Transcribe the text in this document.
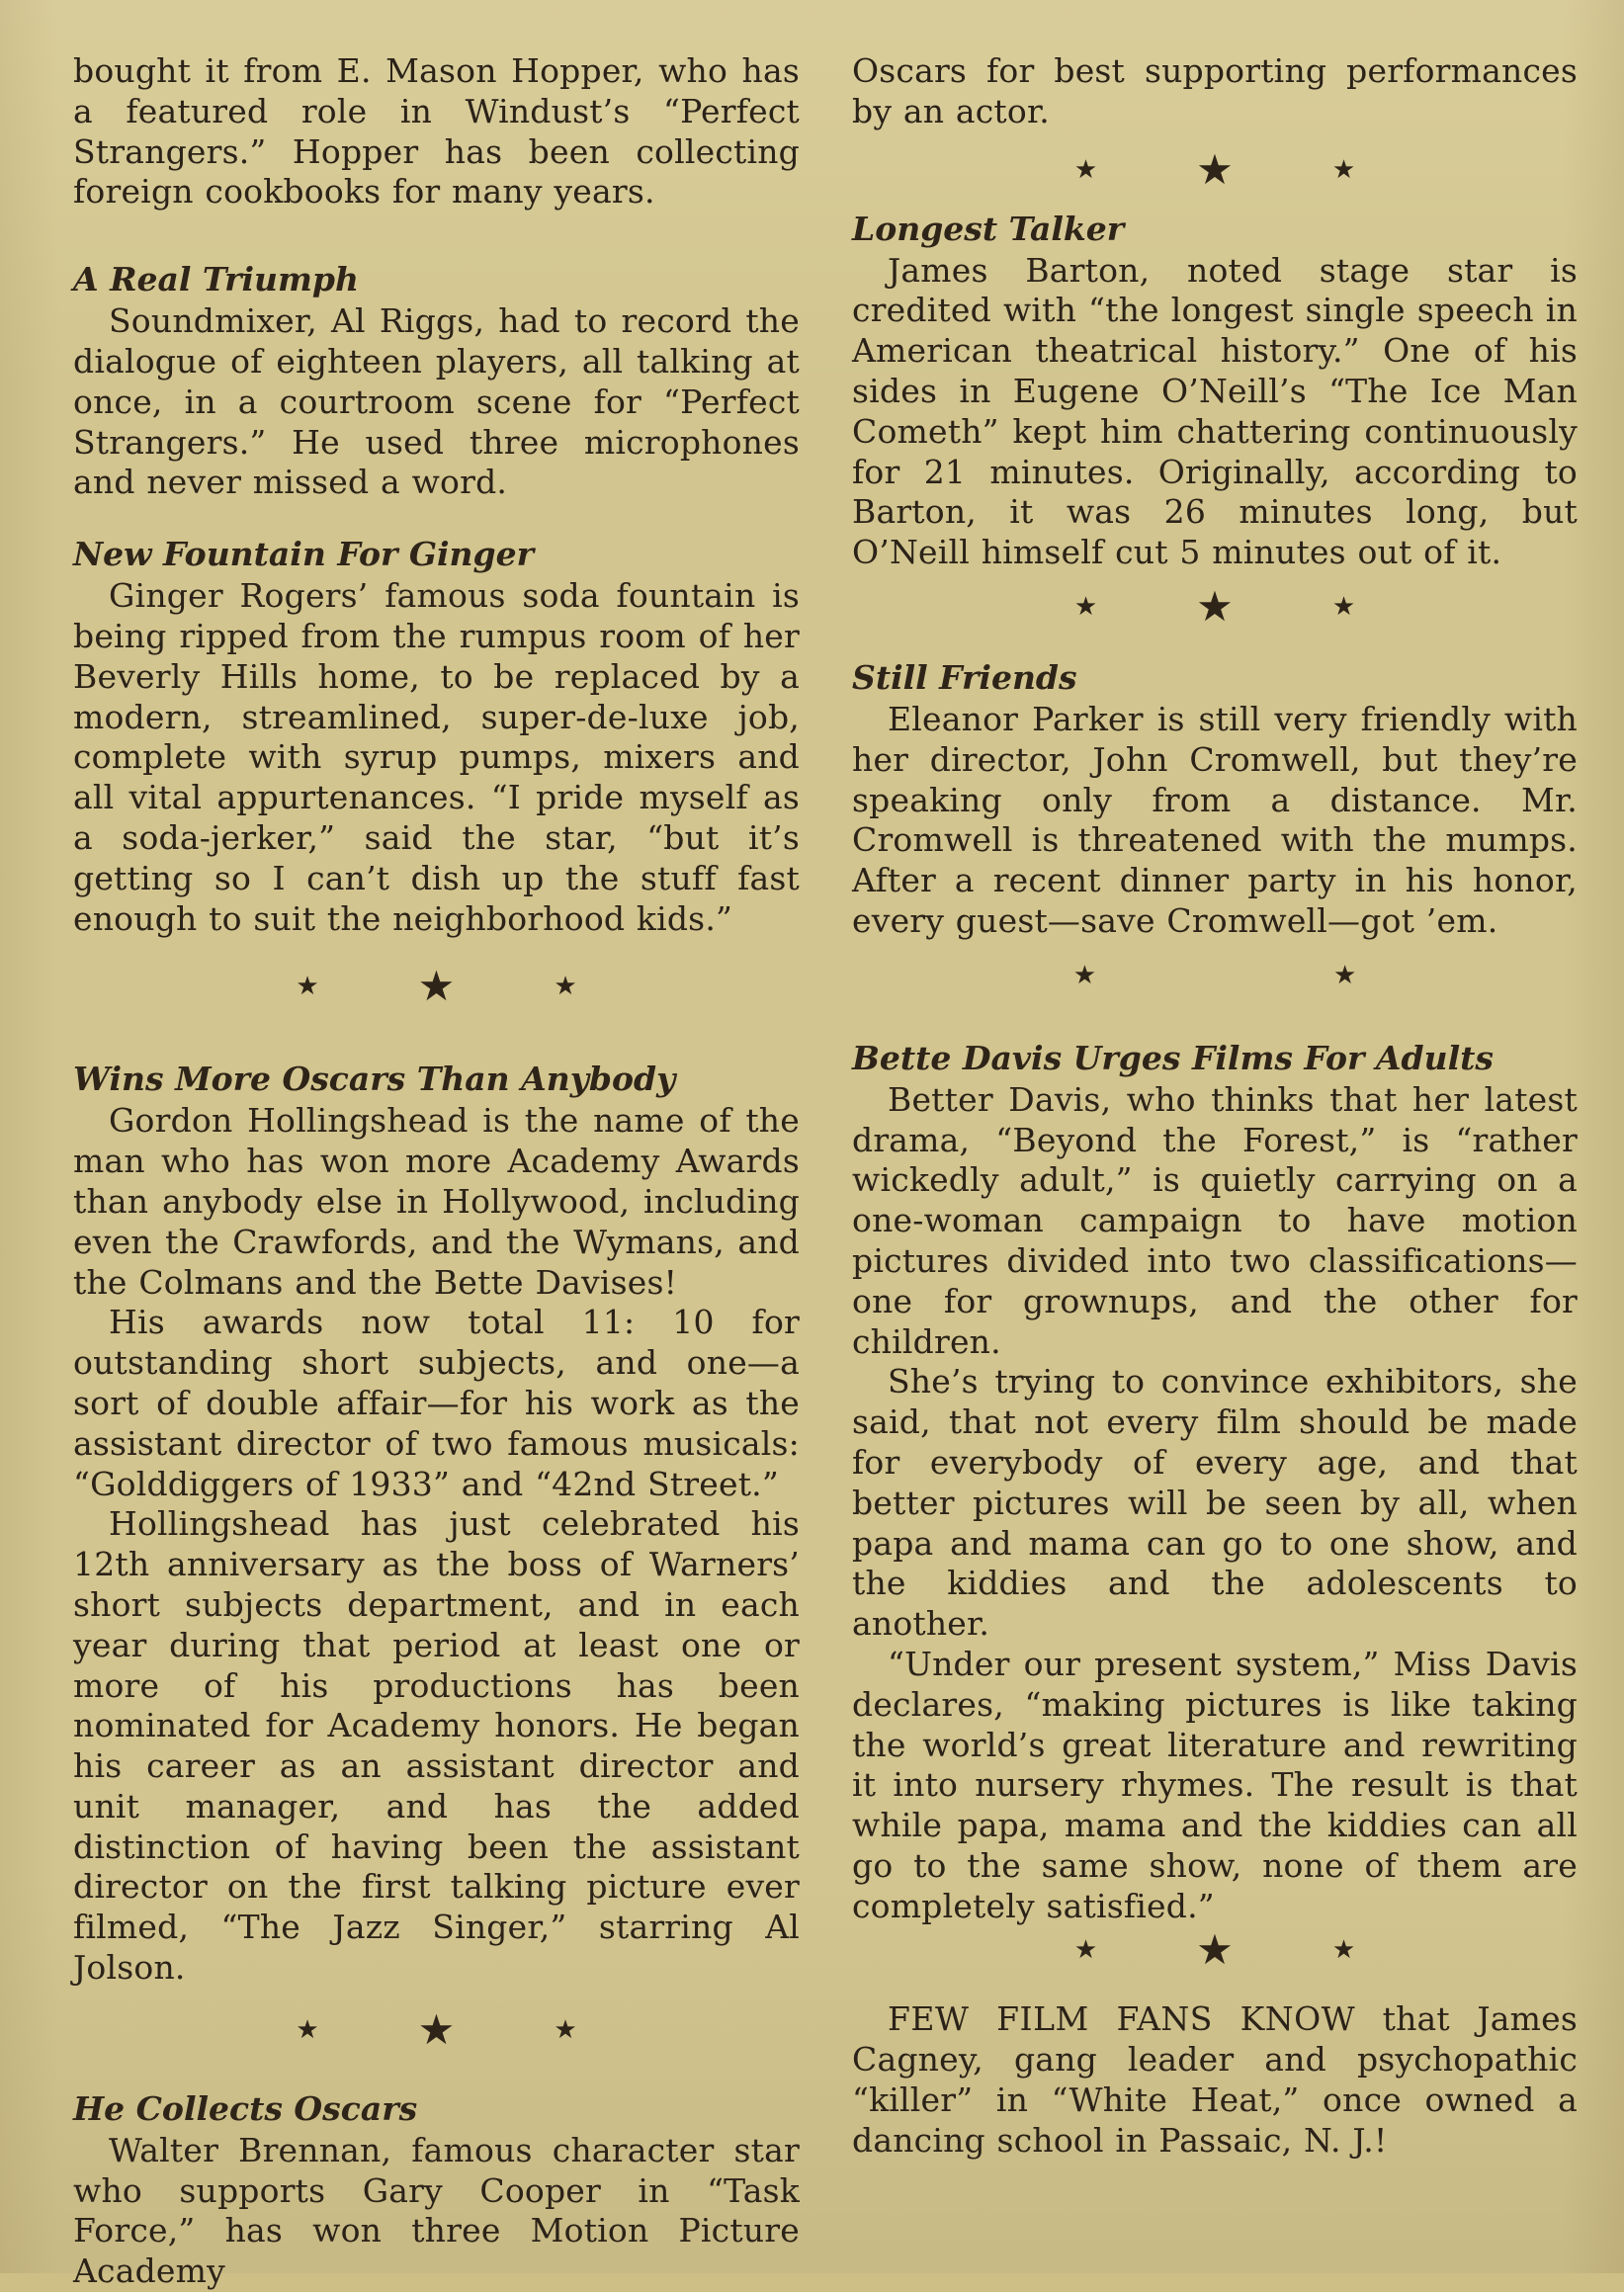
bought it from E. Mason Hopper, who has a featured role in Windust’s “Perfect Strangers.” Hopper has been collecting foreign cookbooks for many years.

A Real Triumph

Soundmixer, Al Riggs, had to record the dialogue of eighteen players, all talking at once, in a courtroom scene for “Perfect Strangers.” He used three microphones and never missed a word.

New Fountain For Ginger

Ginger Rogers’ famous soda fountain is being ripped from the rumpus room of her Beverly Hills home, to be replaced by a modern, streamlined, super-de-luxe job, complete with syrup pumps, mixers and all vital appurtenances. “I pride myself as a soda-jerker,” said the star, “but it’s getting so I can’t dish up the stuff fast enough to suit the neighborhood kids.”

★ ★	★
Wins More Oscars Than Anybody

Gordon Hollingshead is the name of the man who has won more Academy Awards than anybody else in Hollywood, including even the Crawfords, and the Wymans, and the Colmans and the Bette Davises!

His awards now total 11: 10 for outstanding short subjects, and one—a sort of double affair—for his work as the assistant director of two famous musicals: “Golddiggers of 1933” and “42nd Street.”

Hollingshead has just celebrated his 12th anniversary as the boss of Warners’ short subjects department, and in each year during that period at least one or more of his productions has been nominated for Academy honors. He began his career as an assistant director and unit manager, and has the added distinction of having been the assistant director on the first talking picture ever filmed, “The Jazz Singer,” starring Al Jolson.

★ ★	★
He Collects Oscars

Walter Brennan, famous character star who supports Gary Cooper in “Task Force,” has won three Motion Picture Academy

Oscars for best supporting performances by an actor.

★ ★	★
Longest Talker

James Barton, noted stage star is credited with “the longest single speech in American theatrical history.” One of his sides in Eugene O’Neill’s “The Ice Man Cometh” kept him chattering continuously for 21 minutes. Originally, according to Barton, it was 26 minutes long, but O’Neill himself cut 5 minutes out of it.

★ ★	★
Still Friends

Eleanor Parker is still very friendly with her director, John Cromwell, but they’re speaking only from a distance. Mr. Cromwell is threatened with the mumps. After a recent dinner party in his honor, every guest—save Cromwell—got ’em.

★	★
Bette Davis Urges Films For Adults

Better Davis, who thinks that her latest drama, “Beyond the Forest,” is “rather wickedly adult,” is quietly carrying on a one-woman campaign to have motion pictures divided into two classifications—one for grownups, and the other for children.

She’s trying to convince exhibitors, she said, that not every film should be made for everybody of every age, and that better pictures will be seen by all, when papa and mama can go to one show, and the kiddies and the adolescents to another.

“Under our present system,” Miss Davis declares, “making pictures is like taking the world’s great literature and rewriting it into nursery rhymes. The result is that while papa, mama and the kiddies can all go to the same show, none of them are completely satisfied.”

★ ★	★

FEW FILM FANS KNOW that James Cagney, gang leader and psychopathic “killer” in “White Heat,” once owned a dancing school in Passaic, N. J.!
